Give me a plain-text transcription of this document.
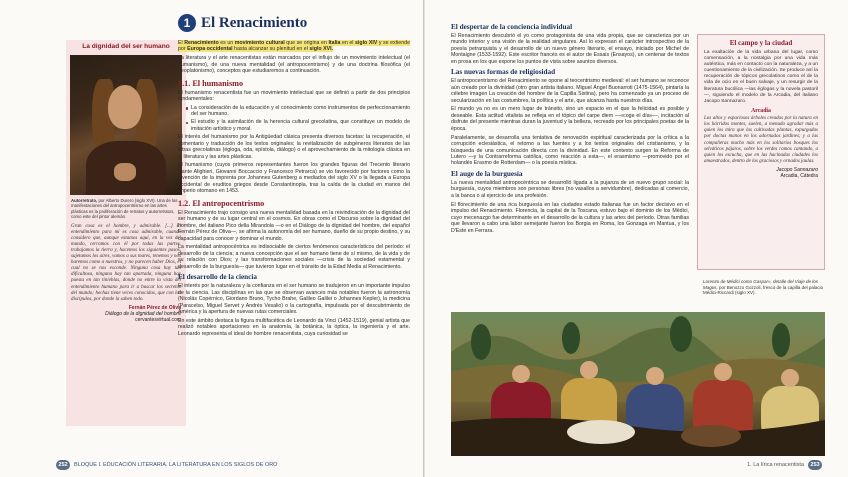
La dignidad del ser humano
Autorretrato, por Alberto Durero (siglo XVI). Una de las manifestaciones del antropocentrismo en las artes plásticas es la proliferación de retratos y autorretratos, como este del pintor alemán.
Gran cosa es el hombre, y admirable. [...] El entendimiento para mí es cosa admirable, cuando considero que, aunque estamos aquí, en la vez del mundo, cerramos con él por todas las partes, trabajamos la tierra y, hacemos los siguientes pasos, sujetamos los aires, vamos a sus mares, tenemos y nos haremos como a nuestros, y no parecen haber Dios, el cual no se nos esconde. Ninguna cosa hay tan dificultosa, ninguna hay tan apartada, ninguna hay puesta en tan tinieblas, donde no entre la vista del entendimiento humano para ir a buscar los secretos del mundo; hechas tiene veces conocidas, que con los discípulos, por donde la saben todo.
Fernán Pérez de Oliva
Diálogo de la dignidad del hombre
cervantesvirtual.com
1 El Renacimiento

El Renacimiento es un movimiento cultural que se origina en Italia en el siglo XIV y se extiende por Europa occidental hasta alcanzar su plenitud en el siglo XVI.

La literatura y el arte renacentistas están marcados por el influjo de un movimiento intelectual (el humanismo), de una nueva mentalidad (el antropocentrismo) y de una doctrina filosófica (el neoplatonismo), conceptos que estudiaremos a continuación.

1.1. El humanismo

El humanismo renacentista fue un movimiento intelectual que se definió a partir de dos principios fundamentales:

La consideración de la educación y el conocimiento como instrumentos de perfeccionamiento del ser humano.
El estudio y la asimilación de la herencia cultural grecolatina, que constituye un modelo de imitación artístico y moral.

El interés del humanismo por la Antigüedad clásica presenta diversos facetas: la recuperación, el comentario y traducción de los textos originales; la revitalización de subgéneros literarios de las letras grecolatinas (égloga, oda, epístola, diálogo) o el aprovechamiento de la mitología clásica en la literatura y las artes plásticas.

El humanismo (cuyos primeros representantes fueron los grandes figuras del Trecento literario Dante Alighieri, Giovanni Boccaccio y Francesco Petrarca) se vio favorecido por factores como la invención de la imprenta por Johannes Gutenberg a mediados del siglo XV o la llegada a Europa occidental de eruditos griegos desde Constantinopla, tras la caída de la ciudad en manos del Imperio otomano en 1453.

1.2. El antropocentrismo

El Renacimiento trajo consigo una nueva mentalidad basada en la reivindicación de la dignidad del ser humano y de su lugar central en el cosmos. En obras como el Discurso sobre la dignidad del hombre, del italiano Pico della Mirandola —o en el Diálogo de la dignidad del hombre, del español Fernán Pérez de Oliva—, se afirma la autonomía del ser humano, dueño de su propio destino, y su capacidad para conocer y dominar el mundo.

La mentalidad antropocéntrica es indisociable de ciertos fenómenos característicos del período: el desarrollo de la ciencia; a nueva concepción que el ser humano tiene de sí mismo, de la vida y de su relación con Dios; y las transformaciones sociales —crisis de la sociedad estamental y desarrollo de la burguesía— que tuvieron lugar en el tránsito de la Edad Media al Renacimiento.

El desarrollo de la ciencia

El interés por la naturaleza y la confianza en el ser humano se tradujeron en un importante impulso de la ciencia. Las disciplinas en las que se observan avances más notables fueron la astronomía (Nicolás Copérnico, Giordano Bruno, Tycho Brahe, Galileo Galilei o Johannes Kepler), la medicina (Paracelso, Miguel Servet y Andrés Vesalio) o la cartografía, impulsada por el descubrimiento de América y la apertura de nuevas rutas comerciales.

En este ámbito destaca la figura multifacética de Leonardo da Vinci (1452-1519), genial artista que realizó notables aportaciones en la anatomía, la botánica, la óptica, la ingeniería y el arte. Leonardo representa el ideal de hombre renacentista, cuya curiosidad se

252	BLOQUE I. EDUCACIÓN LITERARIA. LA LITERATURA EN LOS SIGLOS DE ORO
El despertar de la conciencia individual

El Renacimiento descubrió el yo como protagonista de una vida propia, que se caracteriza por un mundo interior y una visión de la realidad singulares. Así lo expresan el carácter introspectivo de la poesía petrarquista y el desarrollo de un nuevo género literario, el ensayo, iniciado por Michel de Montaigne (1533-1592). Este escritor francés es el autor de Essais (Ensayos), un centenar de textos en prosa en los que expone los puntos de vista sobre asuntos diversos.

Las nuevas formas de religiosidad

El antropocentrismo del Renacimiento se opone al teocentrismo medieval: el ser humano se reconoce aún creado por la divinidad (otro gran artista italiano, Miguel Ángel Buonarroti (1475-1564), pintaría la célebre imagen La creación del hombre de la Capilla Sixtina), pero ha comenzado ya un proceso de secularización en las costumbres, la política y el arte, que alcanza hasta nuestros días.

El mundo ya no es un mero lugar de tránsito, sino un espacio en el que la felicidad es posible y deseable. Esta actitud vitalista se refleja en el tópico del carpe diem —«coge el día»—, incitación al disfrute del presente mientras duran la juventud y la belleza, recreado por los principales poetas de la época.

Paralelamente, se desarrolla una tentativa de renovación espiritual caracterizada por la crítica a la corrupción eclesiástica, el retorno a las fuentes y a los textos originales del cristianismo, y la búsqueda de una comunicación directa con la divinidad. En este contexto surgen la Reforma de Lutero —y la Contrarreforma católica, como reacción a esta—, el erasmismo —promovido por el holandés Erasmo de Rotterdam— o la poesía mística.

El auge de la burguesía

La nueva mentalidad antropocéntrica se desarrolló ligada a la pujanza de un nuevo grupo social: la burguesía, cuyos miembros son personas libres (no vasallos a servidumbre), dedicadas al comercio, a la banca o al ejercicio de una profesión.

El florecimiento de una rica burguesía en las ciudades estado italianas fue un factor decisivo en el impulso del Renacimiento. Florencia, la capital de la Toscana, estuvo bajo el dominio de los Médici, cuyo mecenazgo fue determinante en el desarrollo de la cultura y las artes del período. Otras familias que llevaron a cabo una labor semejante fueron los Borgia en Roma, los Gonzaga en Mantua, y los D'Este en Ferrara.

El campo y la ciudad
La exaltación de la vida urbana del lugar, como comensación, a la nostalgia por una vida más auténtica, más en contacto con la naturaleza, y a un cuestionamiento de la civilización. Se produce así la recuperación de tópicos grecolatinos como el de la vida de ocio en el buen salvaje, y un resurgir de la literatura bucólica —las églogas y la novela pastoril—, siguiendo el modelo de la Arcadia, del italiano Jacopo Sannazaro.
Arcadia
Los altos y espaciosos árboles creados por la natura en los hórridos montes, suelen, a menudo agradar más a quien los mira que las cultivadas plantas, expurgadas por doctas manos en los adornados jardines; y a las compañeras mucho más en los solitarios bosques los selváticos pájaros, sobre los verdes ramos cantando, a quien los escucha, que en las hacinadas ciudades los amaestrados, dentro de los graciosos y ornados jaulas.
Jacopo Sannazaro
Arcadia, Cátedra
Lorenzo de Médici como Gaspar», detalle del Viaje de los Magos, por Benozzo Gozzoli, fresco de la capilla del palacio Médici-Riccardi (siglo XV).
1. La lírica renacentista	253
